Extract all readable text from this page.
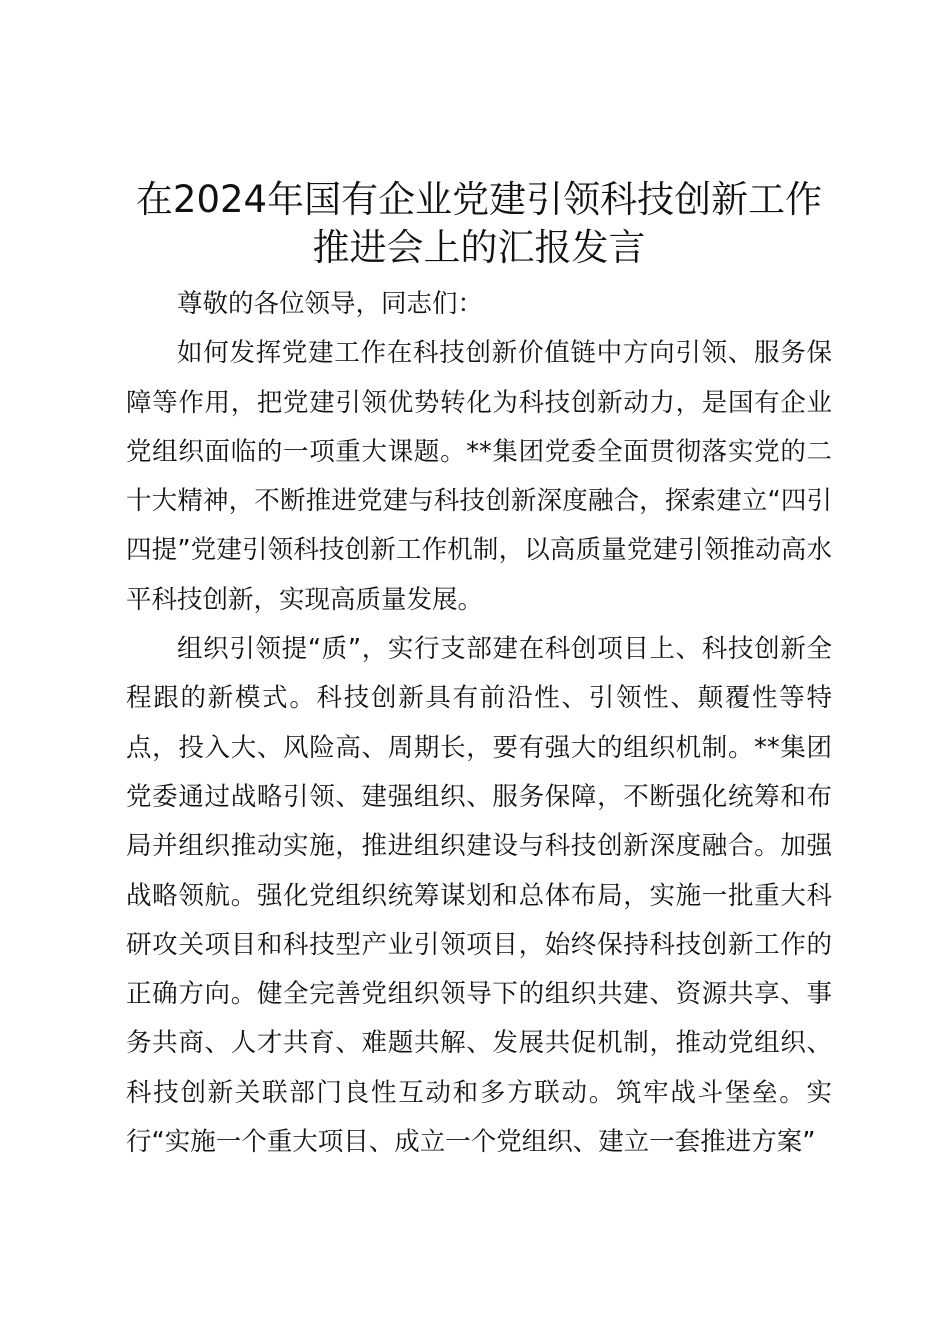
在2024年国有企业党建引领科技创新工作推进会上的汇报发言

尊敬的各位领导，同志们：

如何发挥党建工作在科技创新价值链中方向引领、服务保障等作用，把党建引领优势转化为科技创新动力，是国有企业党组织面临的一项重大课题。**集团党委全面贯彻落实党的二十大精神，不断推进党建与科技创新深度融合，探索建立“四引四提”党建引领科技创新工作机制，以高质量党建引领推动高水平科技创新，实现高质量发展。

组织引领提“质”，实行支部建在科创项目上、科技创新全程跟的新模式。科技创新具有前沿性、引领性、颠覆性等特点，投入大、风险高、周期长，要有强大的组织机制。**集团党委通过战略引领、建强组织、服务保障，不断强化统筹和布局并组织推动实施，推进组织建设与科技创新深度融合。加强战略领航。强化党组织统筹谋划和总体布局，实施一批重大科研攻关项目和科技型产业引领项目，始终保持科技创新工作的正确方向。健全完善党组织领导下的组织共建、资源共享、事务共商、人才共育、难题共解、发展共促机制，推动党组织、科技创新关联部门良性互动和多方联动。筑牢战斗堡垒。实行“实施一个重大项目、成立一个党组织、建立一套推进方案”
